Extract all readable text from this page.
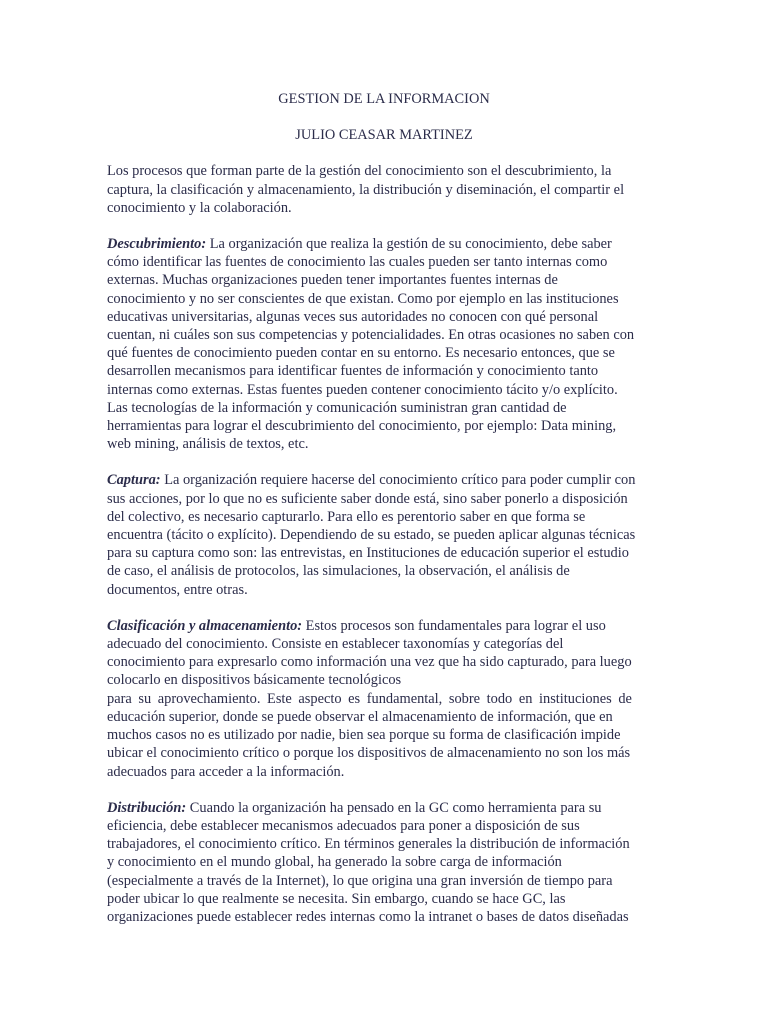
GESTION DE LA INFORMACION

JULIO CEASAR MARTINEZ

Los procesos que forman parte de la gestión del conocimiento son el descubrimiento, la
captura, la clasificación y almacenamiento, la distribución y diseminación, el compartir el
conocimiento y la colaboración.
Descubrimiento: La organización que realiza la gestión de su conocimiento, debe saber
cómo identificar las fuentes de conocimiento las cuales pueden ser tanto internas como
externas. Muchas organizaciones pueden tener importantes fuentes internas de
conocimiento y no ser conscientes de que existan. Como por ejemplo en las instituciones
educativas universitarias, algunas veces sus autoridades no conocen con qué personal
cuentan, ni cuáles son sus competencias y potencialidades. En otras ocasiones no saben con
qué fuentes de conocimiento pueden contar en su entorno. Es necesario entonces, que se
desarrollen mecanismos para identificar fuentes de información y conocimiento tanto
internas como externas. Estas fuentes pueden contener conocimiento tácito y/o explícito.
Las tecnologías de la información y comunicación suministran gran cantidad de
herramientas para lograr el descubrimiento del conocimiento, por ejemplo: Data mining,
web mining, análisis de textos, etc.
Captura: La organización requiere hacerse del conocimiento crítico para poder cumplir con
sus acciones, por lo que no es suficiente saber donde está, sino saber ponerlo a disposición
del colectivo, es necesario capturarlo. Para ello es perentorio saber en que forma se
encuentra (tácito o explícito). Dependiendo de su estado, se pueden aplicar algunas técnicas
para su captura como son: las entrevistas, en Instituciones de educación superior el estudio
de caso, el análisis de protocolos, las simulaciones, la observación, el análisis de
documentos, entre otras.
Clasificación y almacenamiento: Estos procesos son fundamentales para lograr el uso
adecuado del conocimiento. Consiste en establecer taxonomías y categorías del
conocimiento para expresarlo como información una vez que ha sido capturado, para luego
colocarlo en dispositivos básicamente tecnológicos
para su aprovechamiento. Este aspecto es fundamental, sobre todo en instituciones de
educación superior, donde se puede observar el almacenamiento de información, que en
muchos casos no es utilizado por nadie, bien sea porque su forma de clasificación impide
ubicar el conocimiento crítico o porque los dispositivos de almacenamiento no son los más
adecuados para acceder a la información.
Distribución: Cuando la organización ha pensado en la GC como herramienta para su
eficiencia, debe establecer mecanismos adecuados para poner a disposición de sus
trabajadores, el conocimiento crítico. En términos generales la distribución de información
y conocimiento en el mundo global, ha generado la sobre carga de información
(especialmente a través de la Internet), lo que origina una gran inversión de tiempo para
poder ubicar lo que realmente se necesita. Sin embargo, cuando se hace GC, las
organizaciones puede establecer redes internas como la intranet o bases de datos diseñadas
